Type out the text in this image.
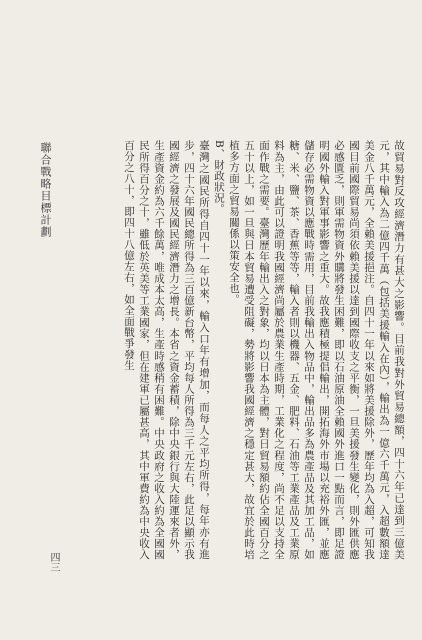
聯合戰略目標計劃
四三

故貿易對反攻經濟潛力有甚大之影響。目前我對外貿易總額，四十六年已達到三億美元，其中輸入為二億四千萬（包括美援輸入在內），輸出為一億六千萬元，入超數額達美金八千萬元，全賴美援挹注。自四十一年以來如將美援除外，歷年均為入超，可知我國目前國際貿易尚須依賴美援以達到國際收支之平衡，一旦美援發生變化，則外匯供應必感匱乏，則軍需物資外購將發生困難，即以石油原油全賴國外進口一點而言，即足證明國外輸入對軍事影響之重大。故我應積極提倡輸出，開拓海外市場以充裕外匯，並應儲存必需物資以應戰時需用，目前我輸出入物品中，輸出品多為農產品及其加工品，如糖、米、鹽、茶、香蕉等等，輸入者則以機器、五金、肥料、石油等工業產品及工業原料為主，由此可以證明我國經濟尚屬於農業生產時期，工業化之程度，尚不足以支持全面作戰之需要。臺灣歷年輸出入之對象，均以日本為主體，對日貿易額約佔全國百分之五十以上，如一旦與日本貿易遭受阻礙，勢將影響我國經濟之穩定甚大，故宜於此時培植多方面之貿易關係以策安全也。

B、財政狀況。

臺灣之國民所得自四十一年以來，輸入口年有增加，而每人之平均所得，每年亦有進步，四十六年國民總所得為三百億新台幣，平均每人所得為三千元左右，此足以顯示我國經濟之發展及國民經濟潛力之增長。本省之資金蓄積，除中央銀行與大陸運來者外，生產資金約為六千餘萬，唯成本太高，生產時感稍有困難。中央政府之收入約為全國國民所得百分之十，雖低於英美等工業國家，但在建軍已屬甚高，其中軍費約為中央收入百分之八十，即四十八億左右，如全面戰爭發生
